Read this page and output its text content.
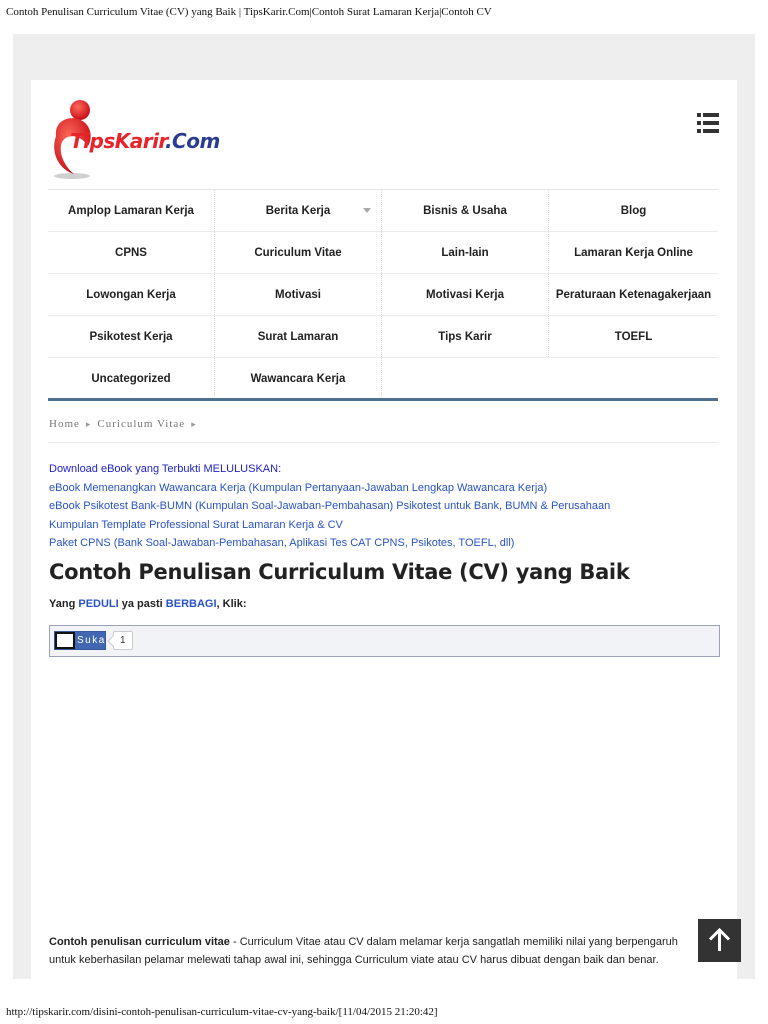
Contoh Penulisan Curriculum Vitae (CV) yang Baik | TipsKarir.Com|Contoh Surat Lamaran Kerja|Contoh CV
TipsKarir.Com
Amplop Lamaran Kerja	Berita Kerja	Bisnis & Usaha	Blog
CPNS	Curiculum Vitae	Lain-lain	Lamaran Kerja Online
Lowongan Kerja	Motivasi	Motivasi Kerja	Peraturaan Ketenagakerjaan
Psikotest Kerja	Surat Lamaran	Tips Karir	TOEFL
Uncategorized	Wawancara Kerja
Home ▸ Curiculum Vitae ▸
Download eBook yang Terbukti MELULUSKAN:
eBook Memenangkan Wawancara Kerja (Kumpulan Pertanyaan-Jawaban Lengkap Wawancara Kerja)
eBook Psikotest Bank-BUMN (Kumpulan Soal-Jawaban-Pembahasan) Psikotest untuk Bank, BUMN & Perusahaan
Kumpulan Template Professional Surat Lamaran Kerja & CV
Paket CPNS (Bank Soal-Jawaban-Pembahasan, Aplikasi Tes CAT CPNS, Psikotes, TOEFL, dll)
Contoh Penulisan Curriculum Vitae (CV) yang Baik
Yang PEDULI ya pasti BERBAGI, Klik:
Suka	1
Contoh penulisan curriculum vitae - Curriculum Vitae atau CV dalam melamar kerja sangatlah memiliki nilai yang berpengaruh untuk keberhasilan pelamar melewati tahap awal ini, sehingga Curriculum viate atau CV harus dibuat dengan baik dan benar.
http://tipskarir.com/disini-contoh-penulisan-curriculum-vitae-cv-yang-baik/[11/04/2015 21:20:42]
